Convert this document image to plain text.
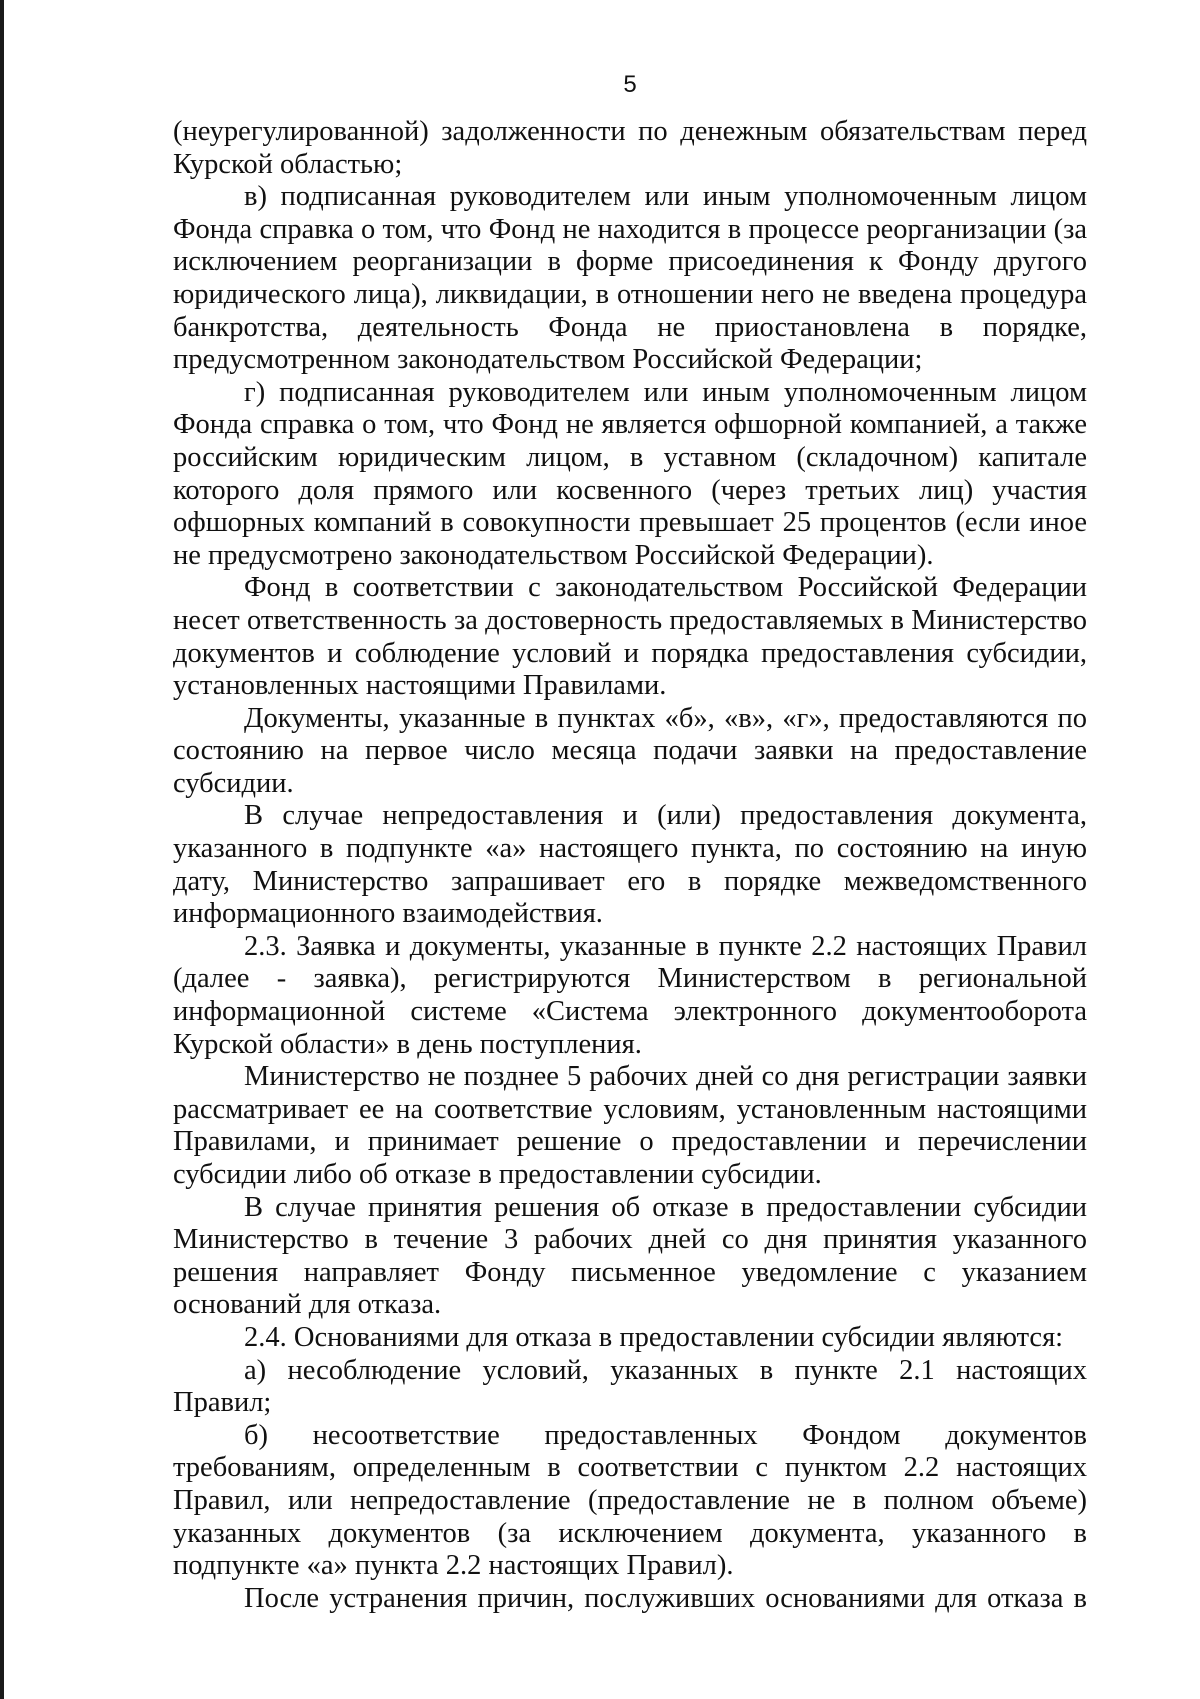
5

(неурегулированной) задолженности по денежным обязательствам перед Курской областью;

в) подписанная руководителем или иным уполномоченным лицом Фонда справка о том, что Фонд не находится в процессе реорганизации (за исключением реорганизации в форме присоединения к Фонду другого юридического лица), ликвидации, в отношении него не введена процедура банкротства, деятельность Фонда не приостановлена в порядке, предусмотренном законодательством Российской Федерации;

г) подписанная руководителем или иным уполномоченным лицом Фонда справка о том, что Фонд не является офшорной компанией, а также российским юридическим лицом, в уставном (складочном) капитале которого доля прямого или косвенного (через третьих лиц) участия офшорных компаний в совокупности превышает 25 процентов (если иное не предусмотрено законодательством Российской Федерации).

Фонд в соответствии с законодательством Российской Федерации несет ответственность за достоверность предоставляемых в Министерство документов и соблюдение условий и порядка предоставления субсидии, установленных настоящими Правилами.

Документы, указанные в пунктах «б», «в», «г», предоставляются по состоянию на первое число месяца подачи заявки на предоставление субсидии.

В случае непредоставления и (или) предоставления документа, указанного в подпункте «а» настоящего пункта, по состоянию на иную дату, Министерство запрашивает его в порядке межведомственного информационного взаимодействия.

2.3. Заявка и документы, указанные в пункте 2.2 настоящих Правил (далее - заявка), регистрируются Министерством в региональной информационной системе «Система электронного документооборота Курской области» в день поступления.

Министерство не позднее 5 рабочих дней со дня регистрации заявки рассматривает ее на соответствие условиям, установленным настоящими Правилами, и принимает решение о предоставлении и перечислении субсидии либо об отказе в предоставлении субсидии.

В случае принятия решения об отказе в предоставлении субсидии Министерство в течение 3 рабочих дней со дня принятия указанного решения направляет Фонду письменное уведомление с указанием оснований для отказа.

2.4. Основаниями для отказа в предоставлении субсидии являются:

а) несоблюдение условий, указанных в пункте 2.1 настоящих Правил;

б) несоответствие предоставленных Фондом документов требованиям, определенным в соответствии с пунктом 2.2 настоящих Правил, или непредоставление (предоставление не в полном объеме) указанных документов (за исключением документа, указанного в подпункте «а» пункта 2.2 настоящих Правил).

После устранения причин, послуживших основаниями для отказа в
